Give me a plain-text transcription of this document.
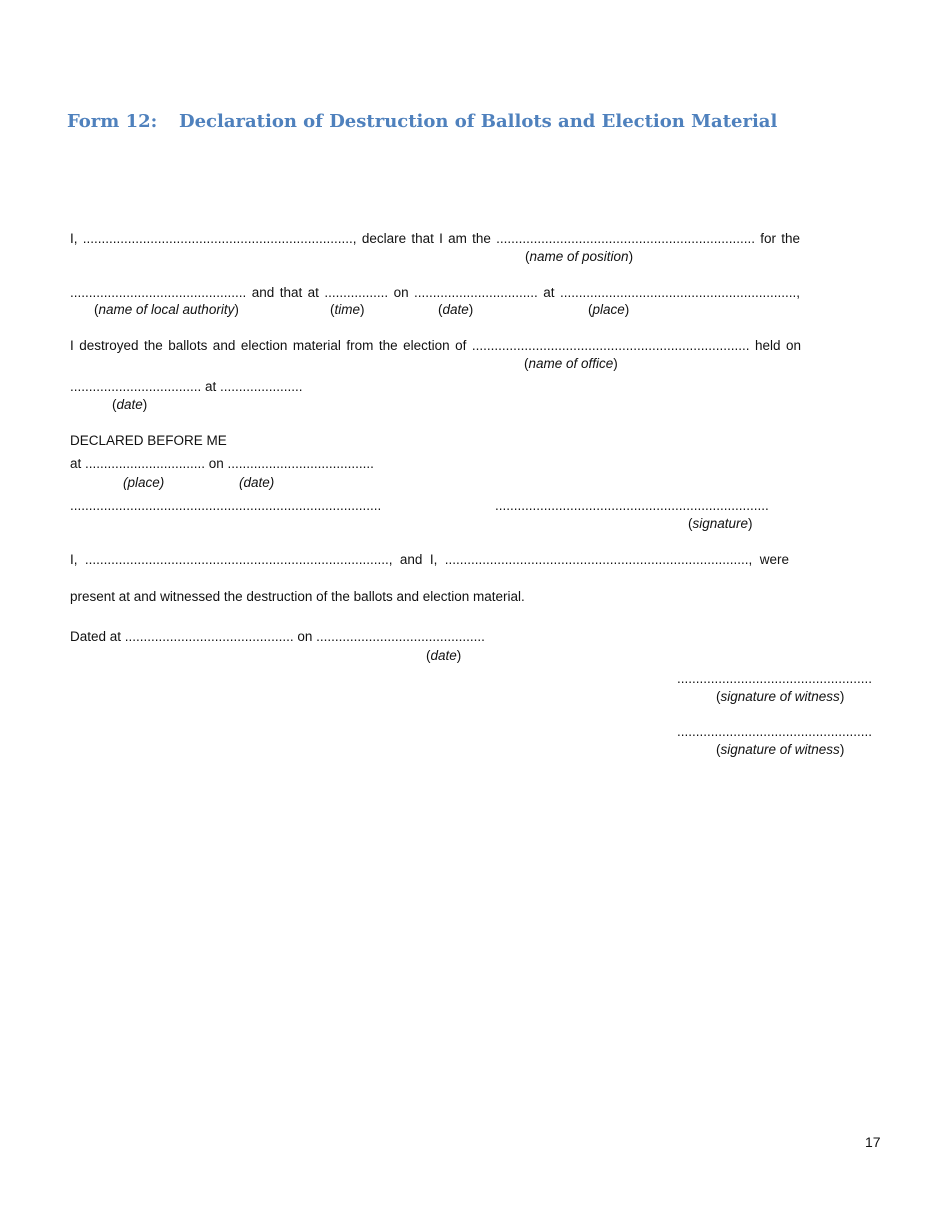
Form 12: Declaration of Destruction of Ballots and Election Material
I, ........................................................................, declare that I am the ..................................................................... for the
(name of position)
............................................... and that at ................. on ................................. at ...............................................................,
(name of local authority)	(time)	(date)	(place)
I destroyed the ballots and election material from the election of .......................................................................... held on
(name of office)
................................... at ......................
(date)
DECLARED BEFORE ME
at ................................ on .......................................
(place)	(date)
...................................................................................	.........................................................................
(signature)
I, ................................................................................., and I, ................................................................................., were
present at and witnessed the destruction of the ballots and election material.
Dated at ............................................. on .............................................
(date)
....................................................
(signature of witness)
....................................................
(signature of witness)
17
